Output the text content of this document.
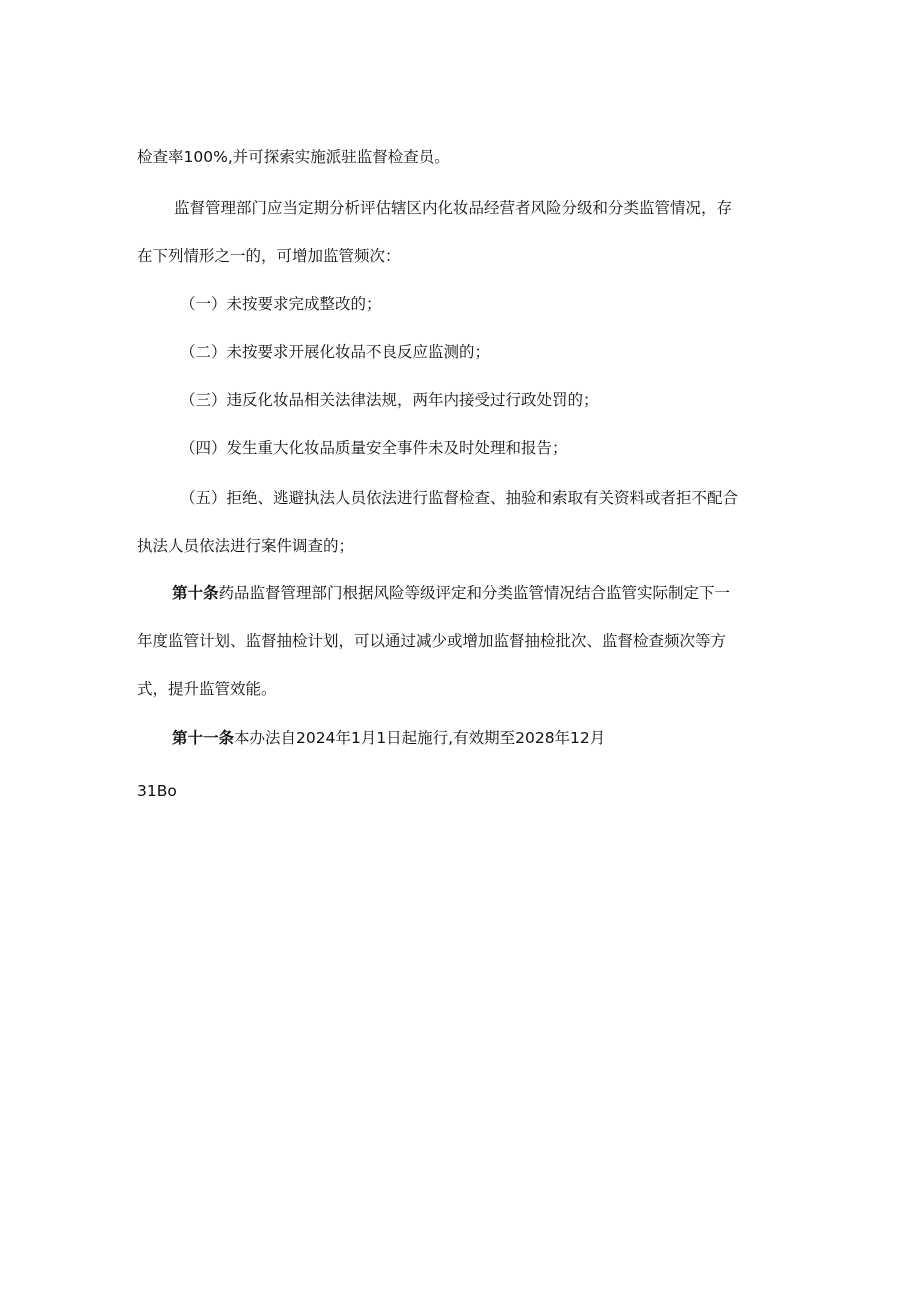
检查率100%,并可探索实施派驻监督检查员。
监督管理部门应当定期分析评估辖区内化妆品经营者风险分级和分类监管情况，存
在下列情形之一的，可增加监管频次：
（一）未按要求完成整改的；
（二）未按要求开展化妆品不良反应监测的；
（三）违反化妆品相关法律法规，两年内接受过行政处罚的；
（四）发生重大化妆品质量安全事件未及时处理和报告；
（五）拒绝、逃避执法人员依法进行监督检查、抽验和索取有关资料或者拒不配合
执法人员依法进行案件调查的；
第十条药品监督管理部门根据风险等级评定和分类监管情况结合监管实际制定下一
年度监管计划、监督抽检计划，可以通过减少或增加监督抽检批次、监督检查频次等方
式，提升监管效能。
第十一条本办法自2024年1月1日起施行,有效期至2028年12月
31Bo
